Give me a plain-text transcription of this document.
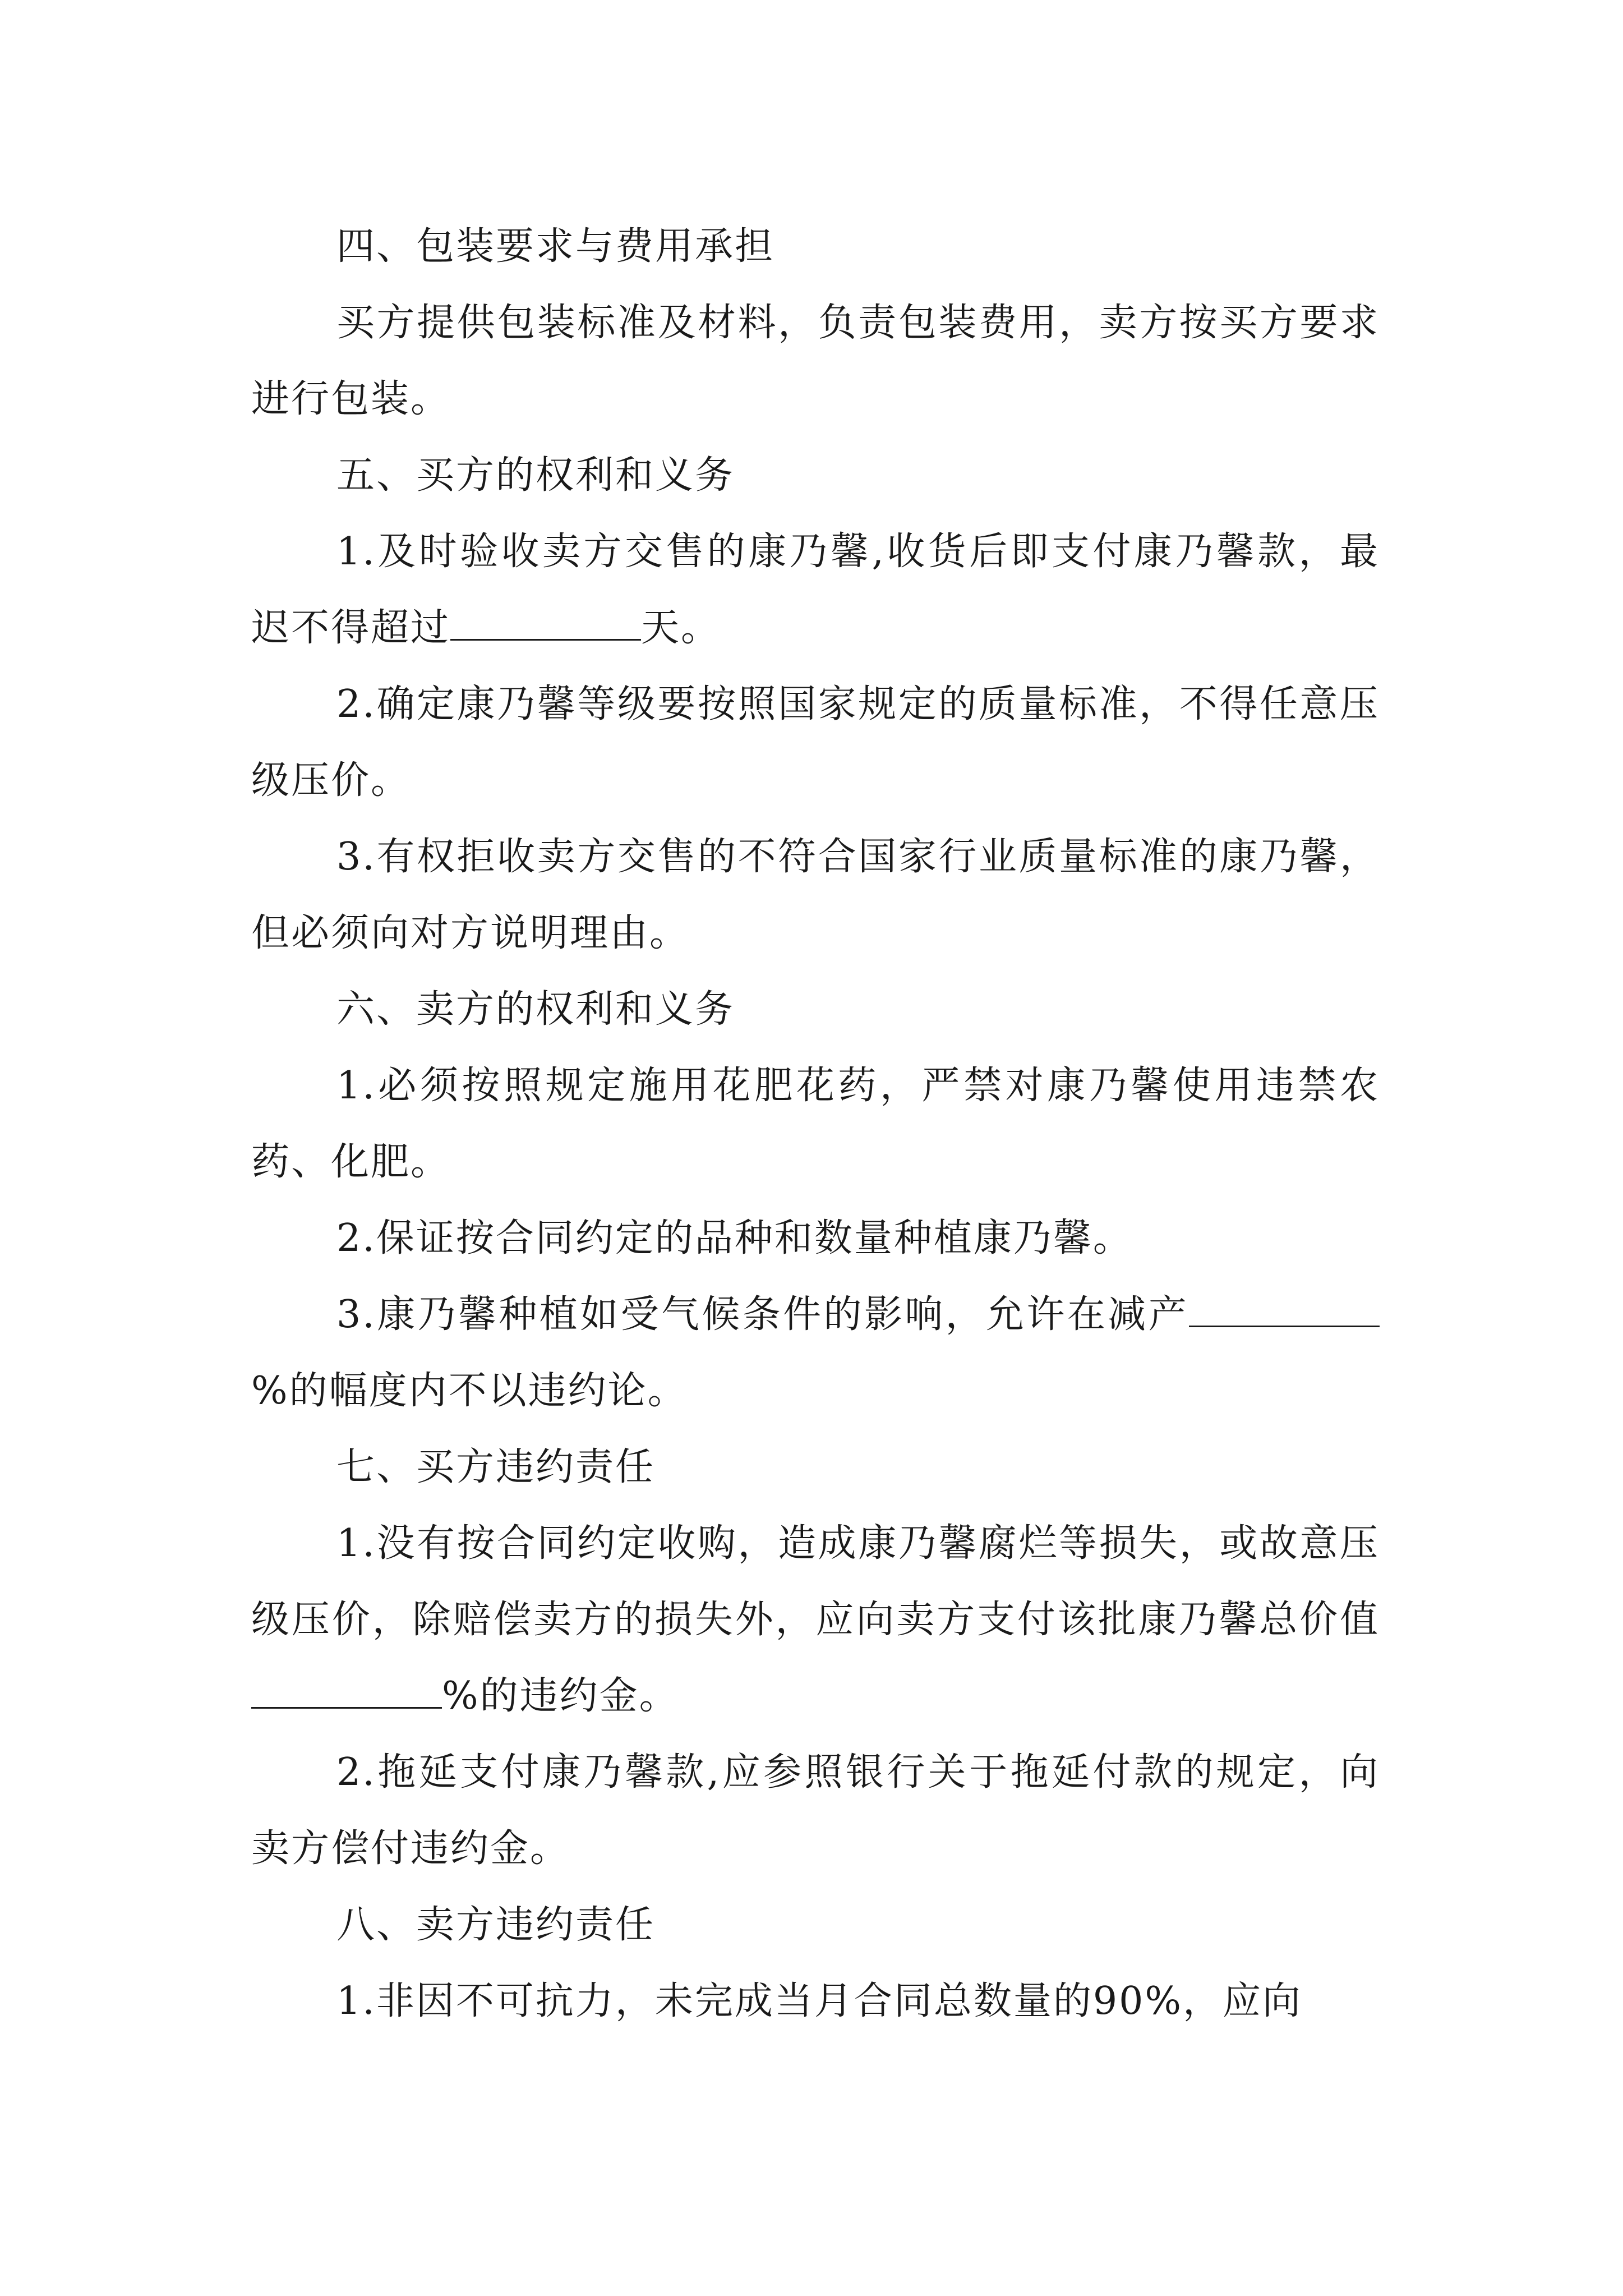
四、包装要求与费用承担

买方提供包装标准及材料，负责包装费用，卖方按买方要求进行包装。

五、买方的权利和义务

1.及时验收卖方交售的康乃馨,收货后即支付康乃馨款，最迟不得超过	天。

2.确定康乃馨等级要按照国家规定的质量标准，不得任意压级压价。

3.有权拒收卖方交售的不符合国家行业质量标准的康乃馨，但必须向对方说明理由。

六、卖方的权利和义务

1.必须按照规定施用花肥花药，严禁对康乃馨使用违禁农药、化肥。

2.保证按合同约定的品种和数量种植康乃馨。

3.康乃馨种植如受气候条件的影响，允许在减产%的幅度内不以违约论。

七、买方违约责任

1.没有按合同约定收购，造成康乃馨腐烂等损失，或故意压级压价，除赔偿卖方的损失外，应向卖方支付该批康乃馨总价值%的违约金。

2.拖延支付康乃馨款,应参照银行关于拖延付款的规定，向卖方偿付违约金。

八、卖方违约责任

1.非因不可抗力，未完成当月合同总数量的90%，应向
